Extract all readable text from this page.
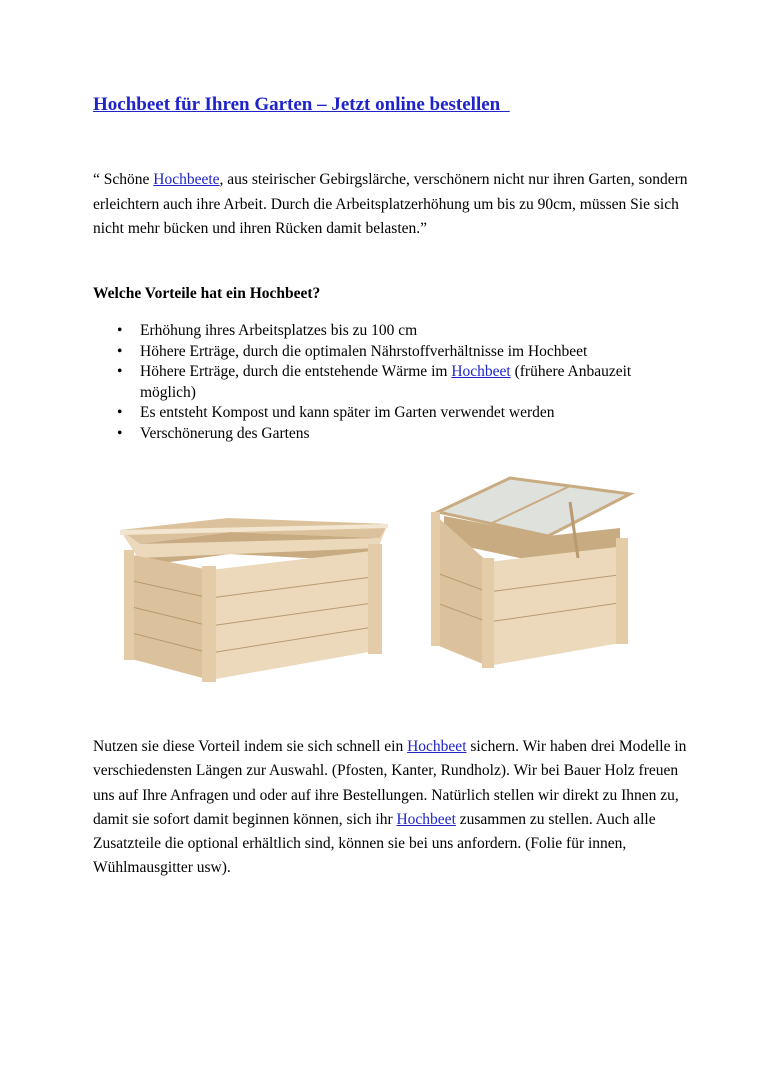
Hochbeet für Ihren Garten – Jetzt online bestellen

“ Schöne Hochbeete, aus steirischer Gebirgslärche, verschönern nicht nur ihren Garten, sondern erleichtern auch ihre Arbeit. Durch die Arbeitsplatzerhöhung um bis zu 90cm, müssen Sie sich nicht mehr bücken und ihren Rücken damit belasten.”

Welche Vorteile hat ein Hochbeet?

• Erhöhung ihres Arbeitsplatzes bis zu 100 cm
• Höhere Erträge, durch die optimalen Nährstoffverhältnisse im Hochbeet
• Höhere Erträge, durch die entstehende Wärme im Hochbeet (frühere Anbauzeit möglich)
• Es entsteht Kompost und kann später im Garten verwendet werden
• Verschönerung des Gartens

Nutzen sie diese Vorteil indem sie sich schnell ein Hochbeet sichern. Wir haben drei Modelle in verschiedensten Längen zur Auswahl. (Pfosten, Kanter, Rundholz). Wir bei Bauer Holz freuen uns auf Ihre Anfragen und oder auf ihre Bestellungen. Natürlich stellen wir direkt zu Ihnen zu, damit sie sofort damit beginnen können, sich ihr Hochbeet zusammen zu stellen. Auch alle Zusatzteile die optional erhältlich sind, können sie bei uns anfordern. (Folie für innen, Wühlmausgitter usw).
